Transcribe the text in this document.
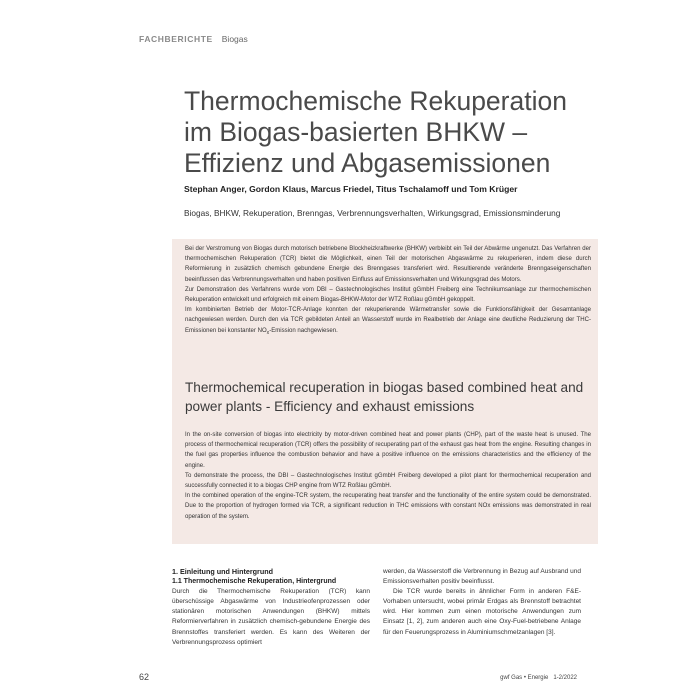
FACHBERICHTE Biogas
Thermochemische Rekuperation
im Biogas-basierten BHKW –
Effizienz und Abgasemissionen
Stephan Anger, Gordon Klaus, Marcus Friedel, Titus Tschalamoff und Tom Krüger
Biogas, BHKW, Rekuperation, Brenngas, Verbrennungsverhalten, Wirkungsgrad, Emissionsminderung

Bei der Verstromung von Biogas durch motorisch betriebene Blockheizkraftwerke (BHKW) verbleibt ein Teil der Abwärme ungenutzt. Das Verfahren der thermochemischen Rekuperation (TCR) bietet die Möglichkeit, einen Teil der motorischen Abgaswärme zu rekuperieren, indem diese durch Reformierung in zusätzlich chemisch gebundene Energie des Brenngases transferiert wird. Resultierende veränderte Brenngaseigenschaften beeinflussen das Verbrennungsverhalten und haben positiven Einfluss auf Emissionsverhalten und Wirkungsgrad des Motors.

Zur Demonstration des Verfahrens wurde vom DBI – Gastechnologisches Institut gGmbH Freiberg eine Technikumsanlage zur thermochemischen Rekuperation entwickelt und erfolgreich mit einem Biogas-BHKW-Motor der WTZ Roßlau gGmbH gekoppelt.

Im kombinierten Betrieb der Motor-TCR-Anlage konnten der rekuperierende Wärmetransfer sowie die Funktionsfähigkeit der Gesamtanlage nachgewiesen werden. Durch den via TCR gebildeten Anteil an Wasserstoff wurde im Realbetrieb der Anlage eine deutliche Reduzierung der THC-Emissionen bei konstanter $NO_x$-Emission nachgewiesen.

Thermochemical recuperation in biogas based combined heat and power plants - Efficiency and exhaust emissions

In the on-site conversion of biogas into electricity by motor-driven combined heat and power plants (CHP), part of the waste heat is unused. The process of thermochemical recuperation (TCR) offers the possibility of recuperating part of the exhaust gas heat from the engine. Resulting changes in the fuel gas properties influence the combustion behavior and have a positive influence on the emissions characteristics and the efficiency of the engine.

To demonstrate the process, the DBI – Gastechnologisches Institut gGmbH Freiberg developed a pilot plant for thermochemical recuperation and successfully connected it to a biogas CHP engine from WTZ Roßlau gGmbH.

In the combined operation of the engine-TCR system, the recuperating heat transfer and the functionality of the entire system could be demonstrated. Due to the proportion of hydrogen formed via TCR, a significant reduction in THC emissions with constant NOx emissions was demonstrated in real operation of the system.

1. Einleitung und Hintergrund
1.1 Thermochemische Rekuperation, Hintergrund

Durch die Thermochemische Rekuperation (TCR) kann überschüssige Abgaswärme von Industrieofenprozessen oder stationären motorischen Anwendungen (BHKW) mittels Reformierverfahren in zusätzlich chemisch-gebundene Energie des Brennstoffes transferiert werden. Es kann des Weiteren der Verbrennungsprozess optimiert

werden, da Wasserstoff die Verbrennung in Bezug auf Ausbrand und Emissionsverhalten positiv beeinflusst.

Die TCR wurde bereits in ähnlicher Form in anderen F&E-Vorhaben untersucht, wobei primär Erdgas als Brennstoff betrachtet wird. Hier kommen zum einen motorische Anwendungen zum Einsatz [1, 2], zum anderen auch eine Oxy-Fuel-betriebene Anlage für den Feuerungsprozess in Aluminiumschmelzanlagen [3].

62	gwf Gas • Energie 1-2/2022
